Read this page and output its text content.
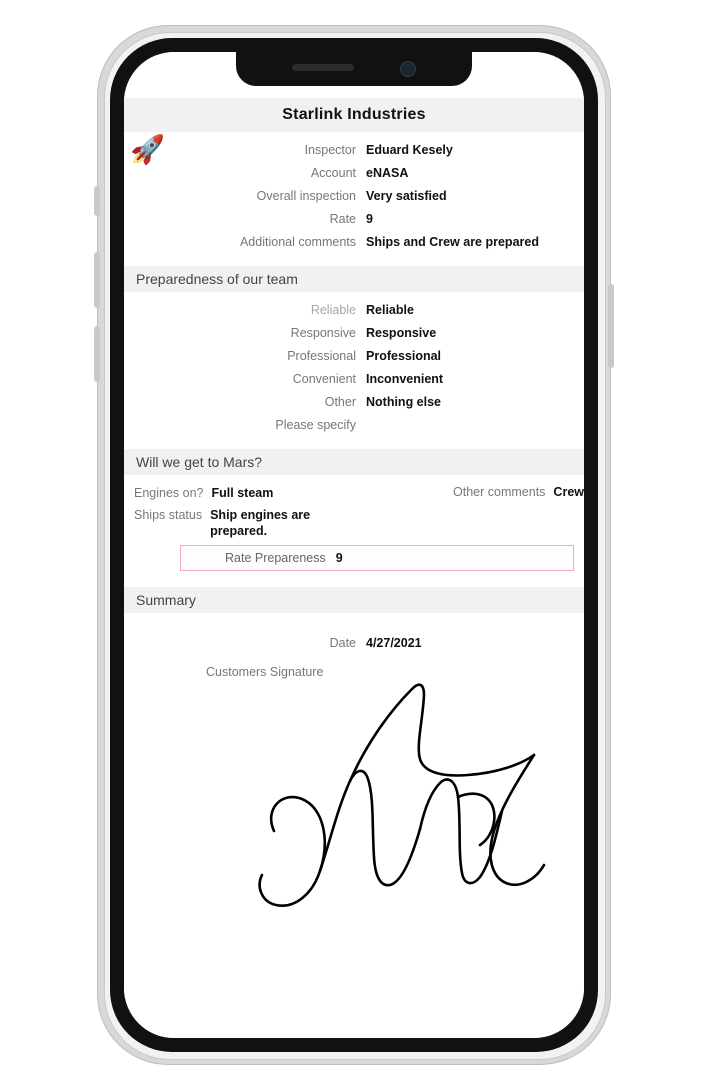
Starlink Industries
🚀	Inspector Eduard Kesely
Account eNASA
Overall inspection Very satisfied
Rate 9
Additional comments Ships and Crew are prepared
Preparedness of our team
Reliable Reliable
Responsive Responsive
Professional Professional
Convenient Inconvenient
Other Nothing else
Please specify
Will we get to Mars?
Engines on? Full steam
Ships status Ship engines are prepared.
Other comments Crew
Rate Prepareness 9
Summary
Date 4/27/2021
Customers Signature
